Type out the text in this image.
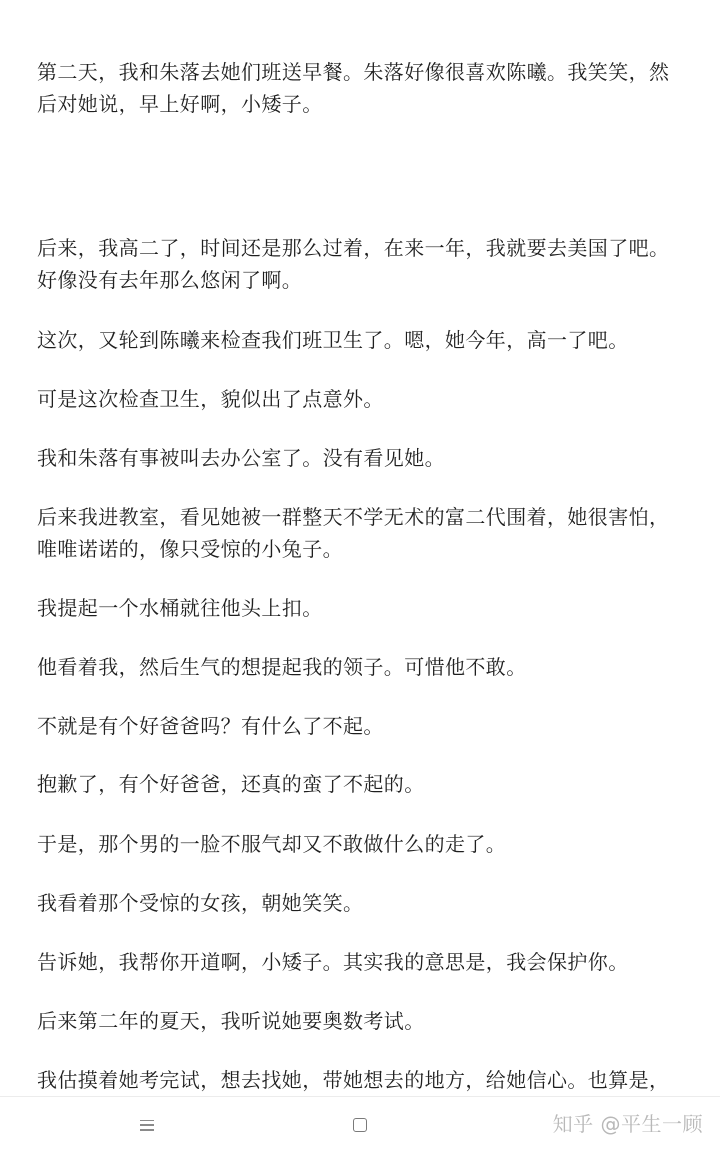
第二天，我和朱落去她们班送早餐。朱落好像很喜欢陈曦。我笑笑，然后对她说，早上好啊，小矮子。

后来，我高二了，时间还是那么过着，在来一年，我就要去美国了吧。好像没有去年那么悠闲了啊。

这次，又轮到陈曦来检查我们班卫生了。嗯，她今年，高一了吧。

可是这次检查卫生，貌似出了点意外。

我和朱落有事被叫去办公室了。没有看见她。

后来我进教室，看见她被一群整天不学无术的富二代围着，她很害怕，唯唯诺诺的，像只受惊的小兔子。

我提起一个水桶就往他头上扣。

他看着我，然后生气的想提起我的领子。可惜他不敢。

不就是有个好爸爸吗？有什么了不起。

抱歉了，有个好爸爸，还真的蛮了不起的。

于是，那个男的一脸不服气却又不敢做什么的走了。

我看着那个受惊的女孩，朝她笑笑。

告诉她，我帮你开道啊，小矮子。其实我的意思是，我会保护你。

后来第二年的夏天，我听说她要奥数考试。

我估摸着她考完试，想去找她，带她想去的地方，给她信心。也算是，

知乎 @平生一顾
